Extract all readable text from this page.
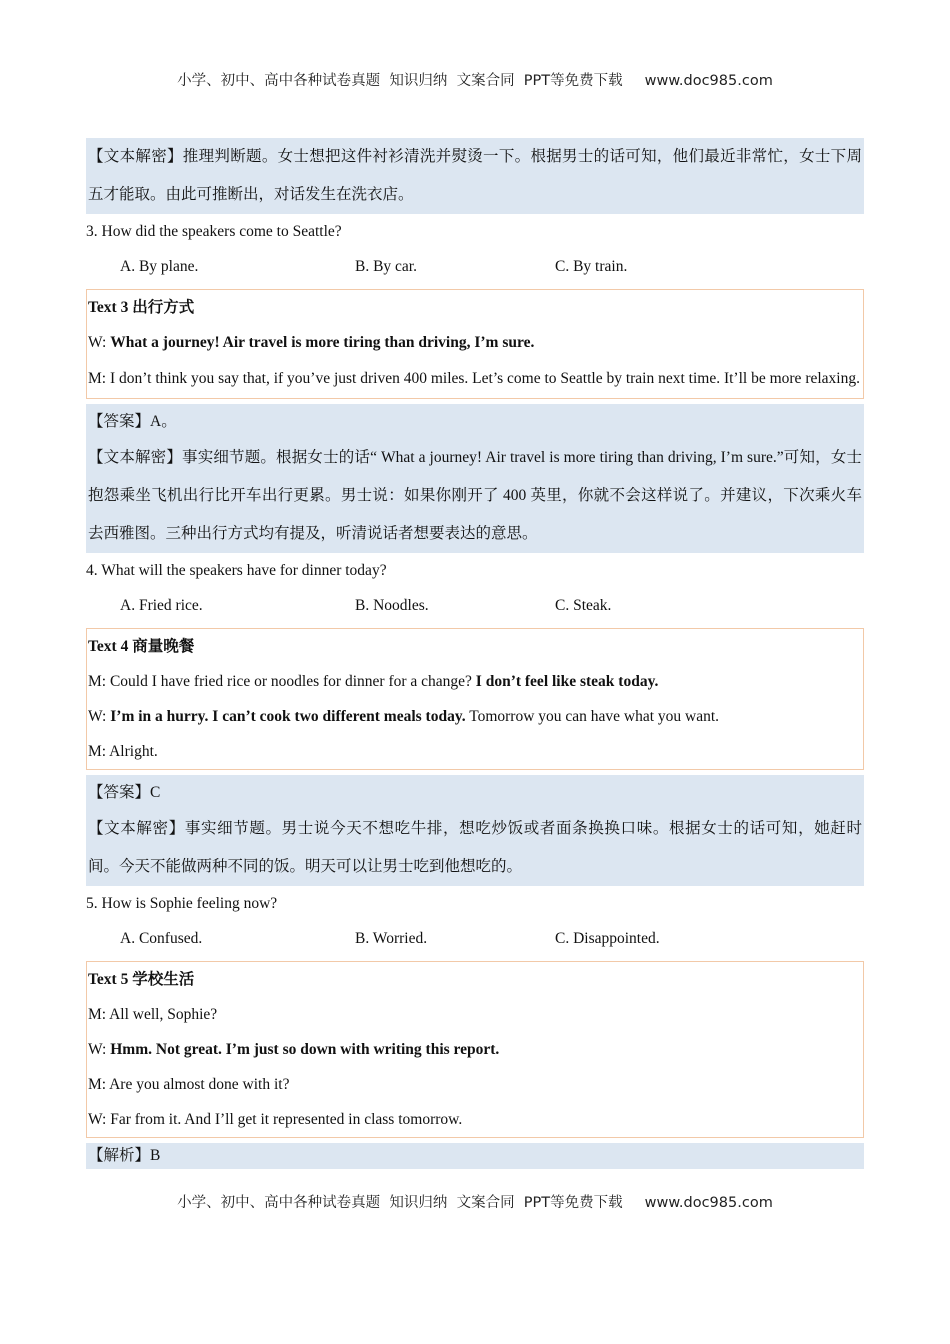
小学、初中、高中各种试卷真题  知识归纳  文案合同  PPT等免费下载 www.doc985.com
【文本解密】推理判断题。女士想把这件衬衫清洗并熨烫一下。根据男士的话可知，他们最近非常忙，女士下周五才能取。由此可推断出，对话发生在洗衣店。
3. How did the speakers come to Seattle?
A. By plane.	B. By car.	C. By train.
Text 3 出行方式
W: What a journey! Air travel is more tiring than driving, I’m sure.
M: I don’t think you say that, if you’ve just driven 400 miles. Let’s come to Seattle by train next time. It’ll be more relaxing.
【答案】A。
【文本解密】事实细节题。根据女士的话“ What a journey! Air travel is more tiring than driving, I’m sure.”可知，女士抱怨乘坐飞机出行比开车出行更累。男士说：如果你刚开了 400 英里，你就不会这样说了。并建议，下次乘火车去西雅图。三种出行方式均有提及，听清说话者想要表达的意思。
4. What will the speakers have for dinner today?
A. Fried rice.	B. Noodles.	C. Steak.
Text 4 商量晚餐
M: Could I have fried rice or noodles for dinner for a change? I don’t feel like steak today.
W: I’m in a hurry. I can’t cook two different meals today. Tomorrow you can have what you want.
M: Alright.
【答案】C
【文本解密】事实细节题。男士说今天不想吃牛排，想吃炒饭或者面条换换口味。根据女士的话可知，她赶时间。今天不能做两种不同的饭。明天可以让男士吃到他想吃的。
5. How is Sophie feeling now?
A. Confused.	B. Worried.	C. Disappointed.
Text 5 学校生活
M: All well, Sophie?
W: Hmm. Not great. I’m just so down with writing this report.
M: Are you almost done with it?
W: Far from it. And I’ll get it represented in class tomorrow.
【解析】B
小学、初中、高中各种试卷真题  知识归纳  文案合同  PPT等免费下载 www.doc985.com
